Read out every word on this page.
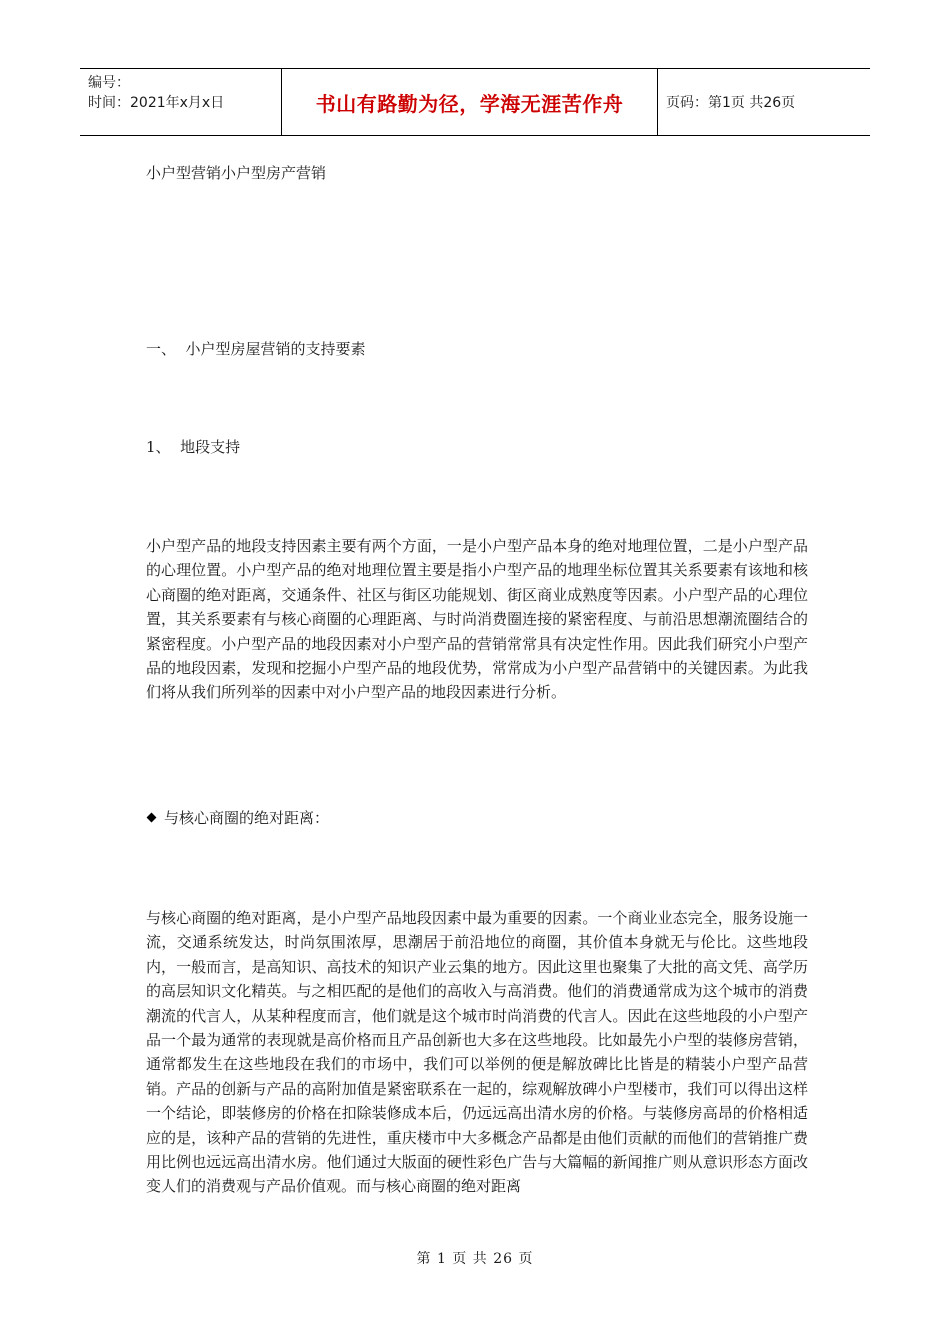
编号：
时间：2021年x月x日	书山有路勤为径，学海无涯苦作舟	页码：第1页 共26页
小户型营销小户型房产营销
一、  小户型房屋营销的支持要素
1、  地段支持

小户型产品的地段支持因素主要有两个方面，一是小户型产品本身的绝对地理位置，二是小户型产品的心理位置。小户型产品的绝对地理位置主要是指小户型产品的地理坐标位置其关系要素有该地和核心商圈的绝对距离，交通条件、社区与街区功能规划、街区商业成熟度等因素。小户型产品的心理位置，其关系要素有与核心商圈的心理距离、与时尚消费圈连接的紧密程度、与前沿思想潮流圈结合的紧密程度。小户型产品的地段因素对小户型产品的营销常常具有决定性作用。因此我们研究小户型产品的地段因素，发现和挖掘小户型产品的地段优势，常常成为小户型产品营销中的关键因素。为此我们将从我们所列举的因素中对小户型产品的地段因素进行分析。

与核心商圈的绝对距离：

与核心商圈的绝对距离，是小户型产品地段因素中最为重要的因素。一个商业业态完全，服务设施一流，交通系统发达，时尚氛围浓厚，思潮居于前沿地位的商圈，其价值本身就无与伦比。这些地段内，一般而言，是高知识、高技术的知识产业云集的地方。因此这里也聚集了大批的高文凭、高学历的高层知识文化精英。与之相匹配的是他们的高收入与高消费。他们的消费通常成为这个城市的消费潮流的代言人，从某种程度而言，他们就是这个城市时尚消费的代言人。因此在这些地段的小户型产品一个最为通常的表现就是高价格而且产品创新也大多在这些地段。比如最先小户型的装修房营销，通常都发生在这些地段在我们的市场中，我们可以举例的便是解放碑比比皆是的精装小户型产品营销。产品的创新与产品的高附加值是紧密联系在一起的，综观解放碑小户型楼市，我们可以得出这样一个结论，即装修房的价格在扣除装修成本后，仍远远高出清水房的价格。与装修房高昂的价格相适应的是，该种产品的营销的先进性，重庆楼市中大多概念产品都是由他们贡献的而他们的营销推广费用比例也远远高出清水房。他们通过大版面的硬性彩色广告与大篇幅的新闻推广则从意识形态方面改变人们的消费观与产品价值观。而与核心商圈的绝对距离

第 1 页 共 26 页
